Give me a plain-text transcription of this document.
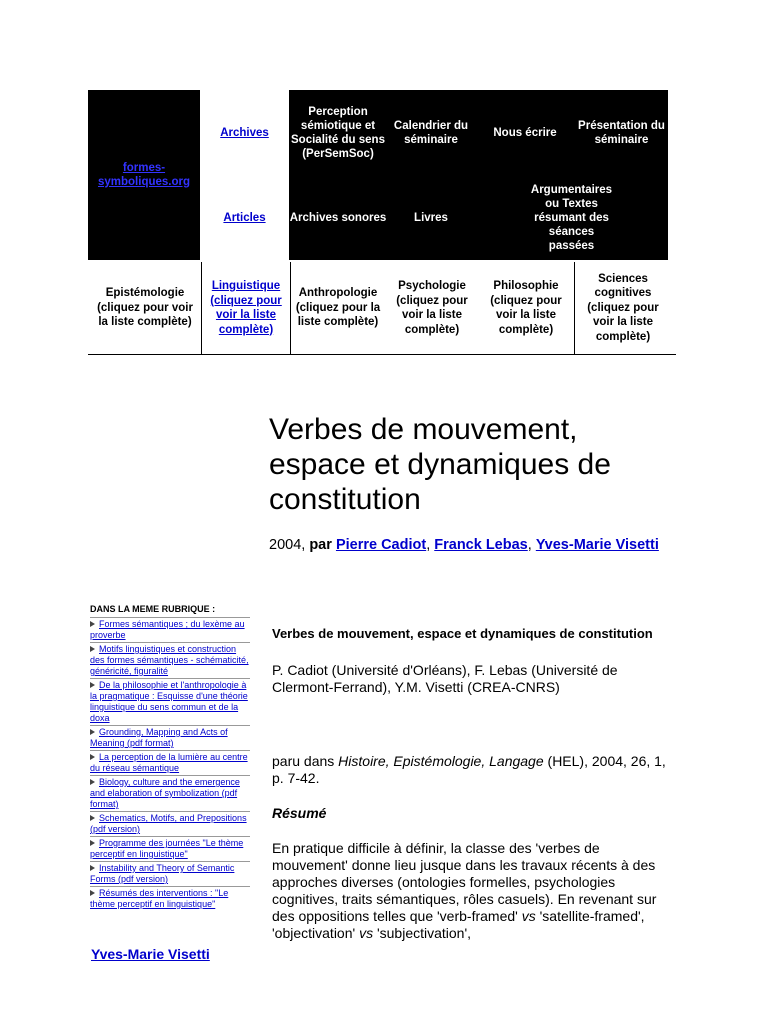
formes-symboliques.org
Archives
Perception sémiotique et Socialité du sens (PerSemSoc)
Calendrier du séminaire
Nous écrire
Présentation du séminaire
Articles Archives sonores	Livres
Argumentaires ou Textes résumant des séances passées
Epistémologie (cliquez pour voir la liste complète)
Linguistique (cliquez pour voir la liste complète)
Anthropologie (cliquez pour la liste complète)
Psychologie (cliquez pour voir la liste complète)
Philosophie (cliquez pour voir la liste complète)
Sciences cognitives (cliquez pour voir la liste complète)
Verbes de mouvement, espace et dynamiques de constitution
2004, par Pierre Cadiot, Franck Lebas, Yves-Marie Visetti
DANS LA MEME RUBRIQUE :
Formes sémantiques ; du lexème au proverbe
Motifs linguistiques et construction des formes sémantiques - schématicité, généricité, figuralité
De la philosophie et l'anthropologie à la pragmatique : Esquisse d'une théorie linguistique du sens commun et de la doxa
Grounding, Mapping and Acts of Meaning (pdf format)
La perception de la lumière au centre du réseau sémantique
Biology, culture and the emergence and elaboration of symbolization (pdf format)
Schematics, Motifs, and Prepositions (pdf version)
Programme des journées "Le thème perceptif en linguistique"
Instability and Theory of Semantic Forms (pdf version)
Résumés des interventions : "Le thème perceptif en linguistique"
Yves-Marie Visetti

Verbes de mouvement, espace et dynamiques de constitution

P. Cadiot (Université d'Orléans), F. Lebas (Université de Clermont-Ferrand), Y.M. Visetti (CREA-CNRS)

paru dans Histoire, Epistémologie, Langage (HEL), 2004, 26, 1, p. 7-42.

Résumé

En pratique difficile à définir, la classe des 'verbes de mouvement' donne lieu jusque dans les travaux récents à des approches diverses (ontologies formelles, psychologies cognitives, traits sémantiques, rôles casuels). En revenant sur des oppositions telles que 'verb-framed' vs 'satellite-framed',
'objectivation' vs 'subjectivation',
